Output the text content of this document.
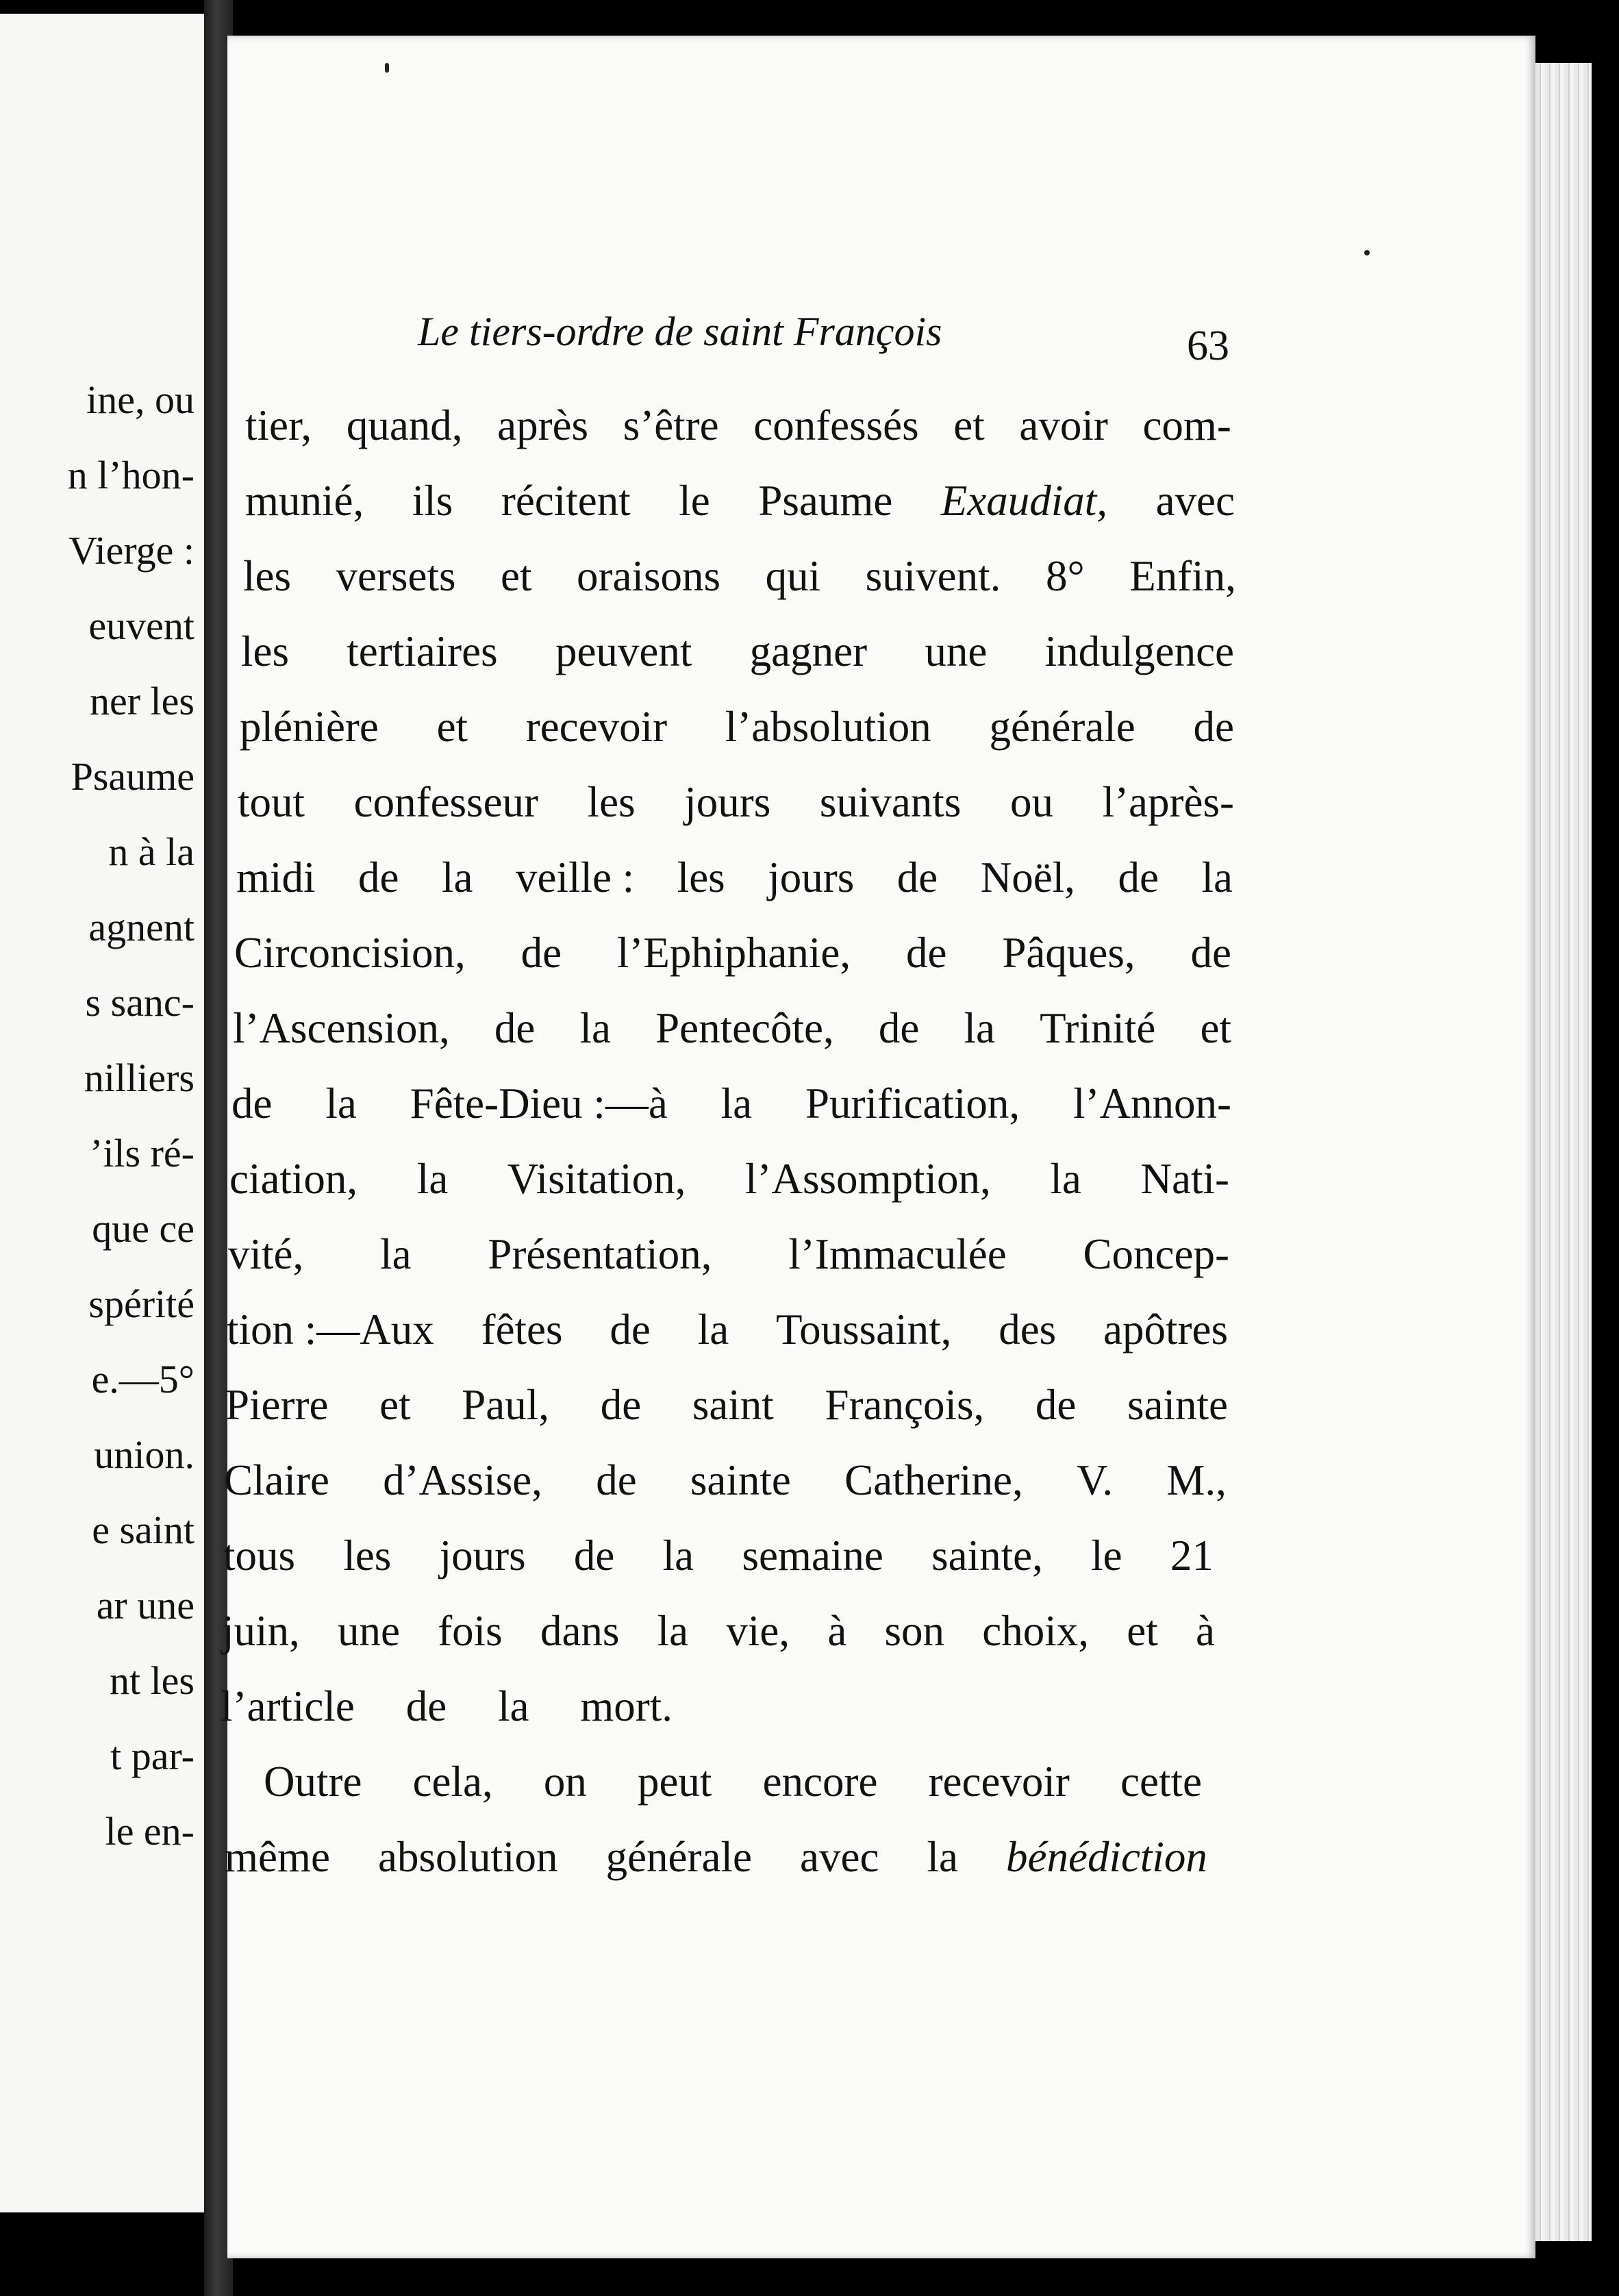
ine, ou
n l’hon-
Vierge :
euvent
ner les
Psaume
n à la
agnent
s sanc-
nilliers
’ils ré-
que ce
spérité
e.—5°
union.
e saint
ar une
nt les
t par-
le en-
Le tiers-ordre de saint François	63
tier, quand, après s’être confessés et avoir com-
munié, ils récitent le Psaume Exaudiat, avec
les versets et oraisons qui suivent. 8° Enfin,
les tertiaires peuvent gagner une indulgence
plénière et recevoir l’absolution générale de
tout confesseur les jours suivants ou l’après-
midi de la veille : les jours de Noël, de la
Circoncision, de l’Ephiphanie, de Pâques, de
l’Ascension, de la Pentecôte, de la Trinité et
de la Fête-Dieu :—à la Purification, l’Annon-
ciation, la Visitation, l’Assomption, la Nati-
vité, la Présentation, l’Immaculée Concep-
tion :—Aux fêtes de la Toussaint, des apôtres
Pierre et Paul, de saint François, de sainte
Claire d’Assise, de sainte Catherine, V. M.,
tous les jours de la semaine sainte, le 21
juin, une fois dans la vie, à son choix, et à
l’article de la mort.
Outre cela, on peut encore recevoir cette
même absolution générale avec la bénédiction
